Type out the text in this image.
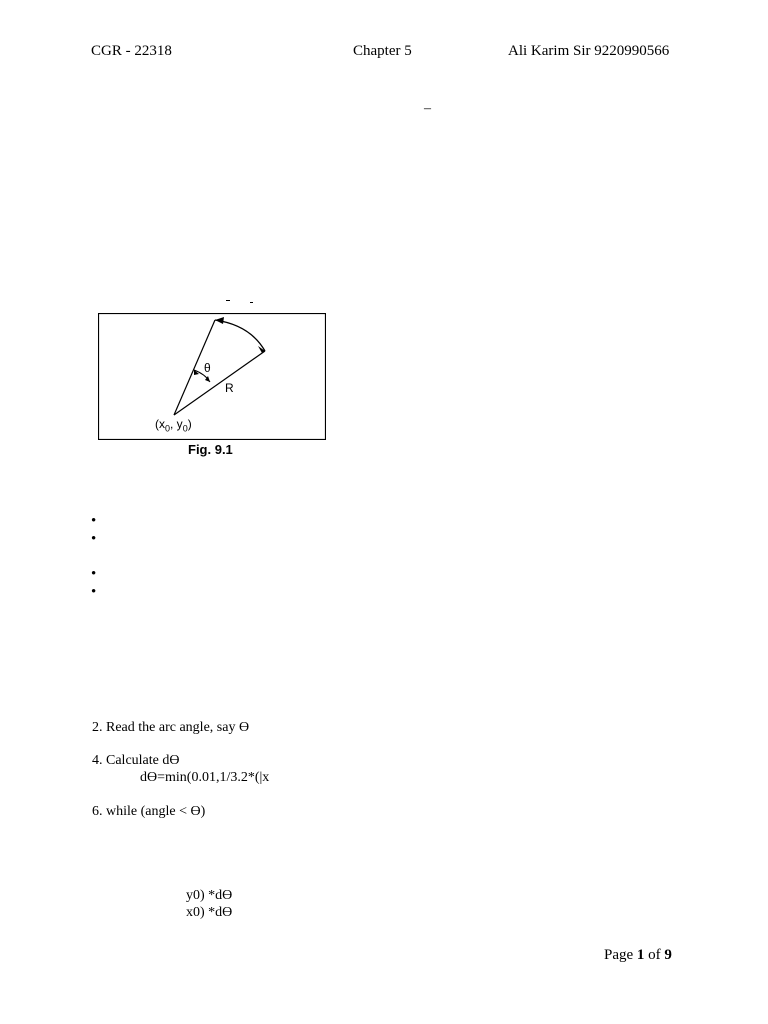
CGR - 22318	Chapter 5	Ali Karim Sir 9220990566
–
θ
R
($x_0$, $y_0$)
Fig. 9.1
•
•
•
•
2. Read the arc angle, say Ɵ
4. Calculate dƟ
dƟ=min(0.01,1/3.2*(|x
6. while (angle < Ɵ)
y0) *dƟ
x0) *dƟ
Page 1 of 9
